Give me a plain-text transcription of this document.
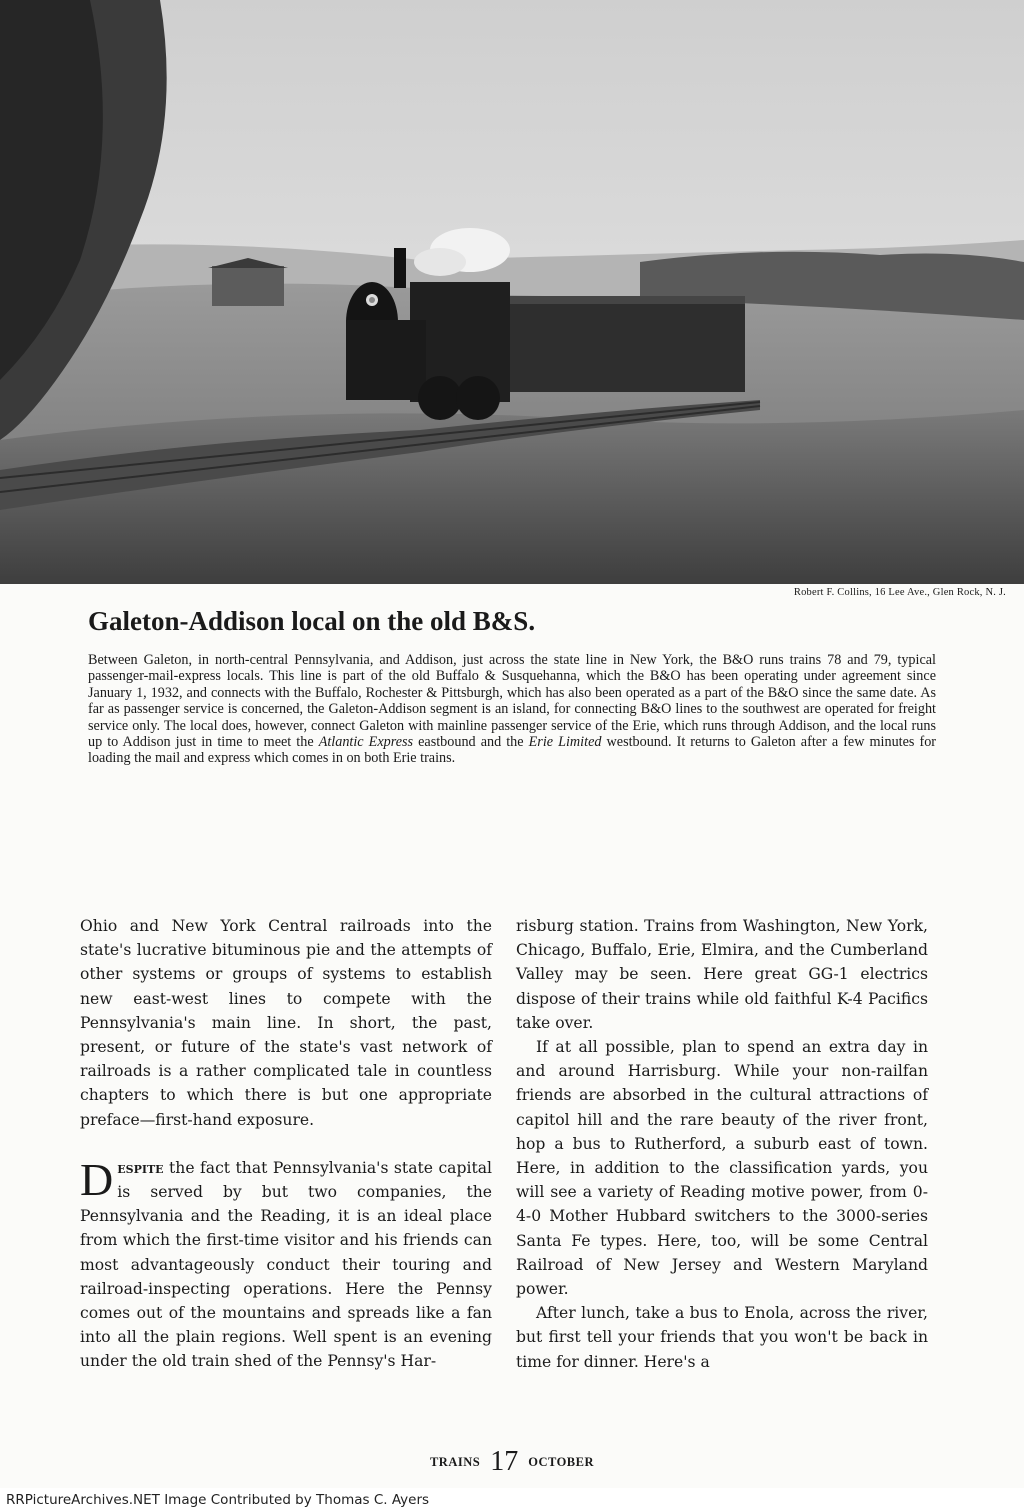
Robert F. Collins, 16 Lee Ave., Glen Rock, N. J.
Galeton-Addison local on the old B&S.

Between Galeton, in north-central Pennsylvania, and Addison, just across the state line in New York, the B&O runs trains 78 and 79, typical passenger-mail-express locals. This line is part of the old Buffalo & Susquehanna, which the B&O has been operating under agreement since January 1, 1932, and connects with the Buffalo, Rochester & Pittsburgh, which has also been operated as a part of the B&O since the same date. As far as passenger service is concerned, the Galeton-Addison segment is an island, for connecting B&O lines to the southwest are operated for freight service only. The local does, however, connect Galeton with mainline passenger service of the Erie, which runs through Addison, and the local runs up to Addison just in time to meet the Atlantic Express eastbound and the Erie Limited westbound. It returns to Galeton after a few minutes for loading the mail and express which comes in on both Erie trains.

Ohio and New York Central railroads into the state's lucrative bituminous pie and the attempts of other systems or groups of systems to establish new east-west lines to compete with the Pennsylvania's main line. In short, the past, present, or future of the state's vast network of railroads is a rather complicated tale in countless chapters to which there is but one appropriate preface—first-hand exposure.

Despite the fact that Pennsylvania's state capital is served by but two companies, the Pennsylvania and the Reading, it is an ideal place from which the first-time visitor and his friends can most advantageously conduct their touring and railroad-inspecting operations. Here the Pennsy comes out of the mountains and spreads like a fan into all the plain regions. Well spent is an evening under the old train shed of the Pennsy's Har-

risburg station. Trains from Washington, New York, Chicago, Buffalo, Erie, Elmira, and the Cumberland Valley may be seen. Here great GG-1 electrics dispose of their trains while old faithful K-4 Pacifics take over.

If at all possible, plan to spend an extra day in and around Harrisburg. While your non-railfan friends are absorbed in the cultural attractions of capitol hill and the rare beauty of the river front, hop a bus to Rutherford, a suburb east of town. Here, in addition to the classification yards, you will see a variety of Reading motive power, from 0-4-0 Mother Hubbard switchers to the 3000-series Santa Fe types. Here, too, will be some Central Railroad of New Jersey and Western Maryland power.

After lunch, take a bus to Enola, across the river, but first tell your friends that you won't be back in time for dinner. Here's a

$^{TRAINS}$ 17 $^{OCTOBER}$
RRPictureArchives.NET Image Contributed by Thomas C. Ayers
